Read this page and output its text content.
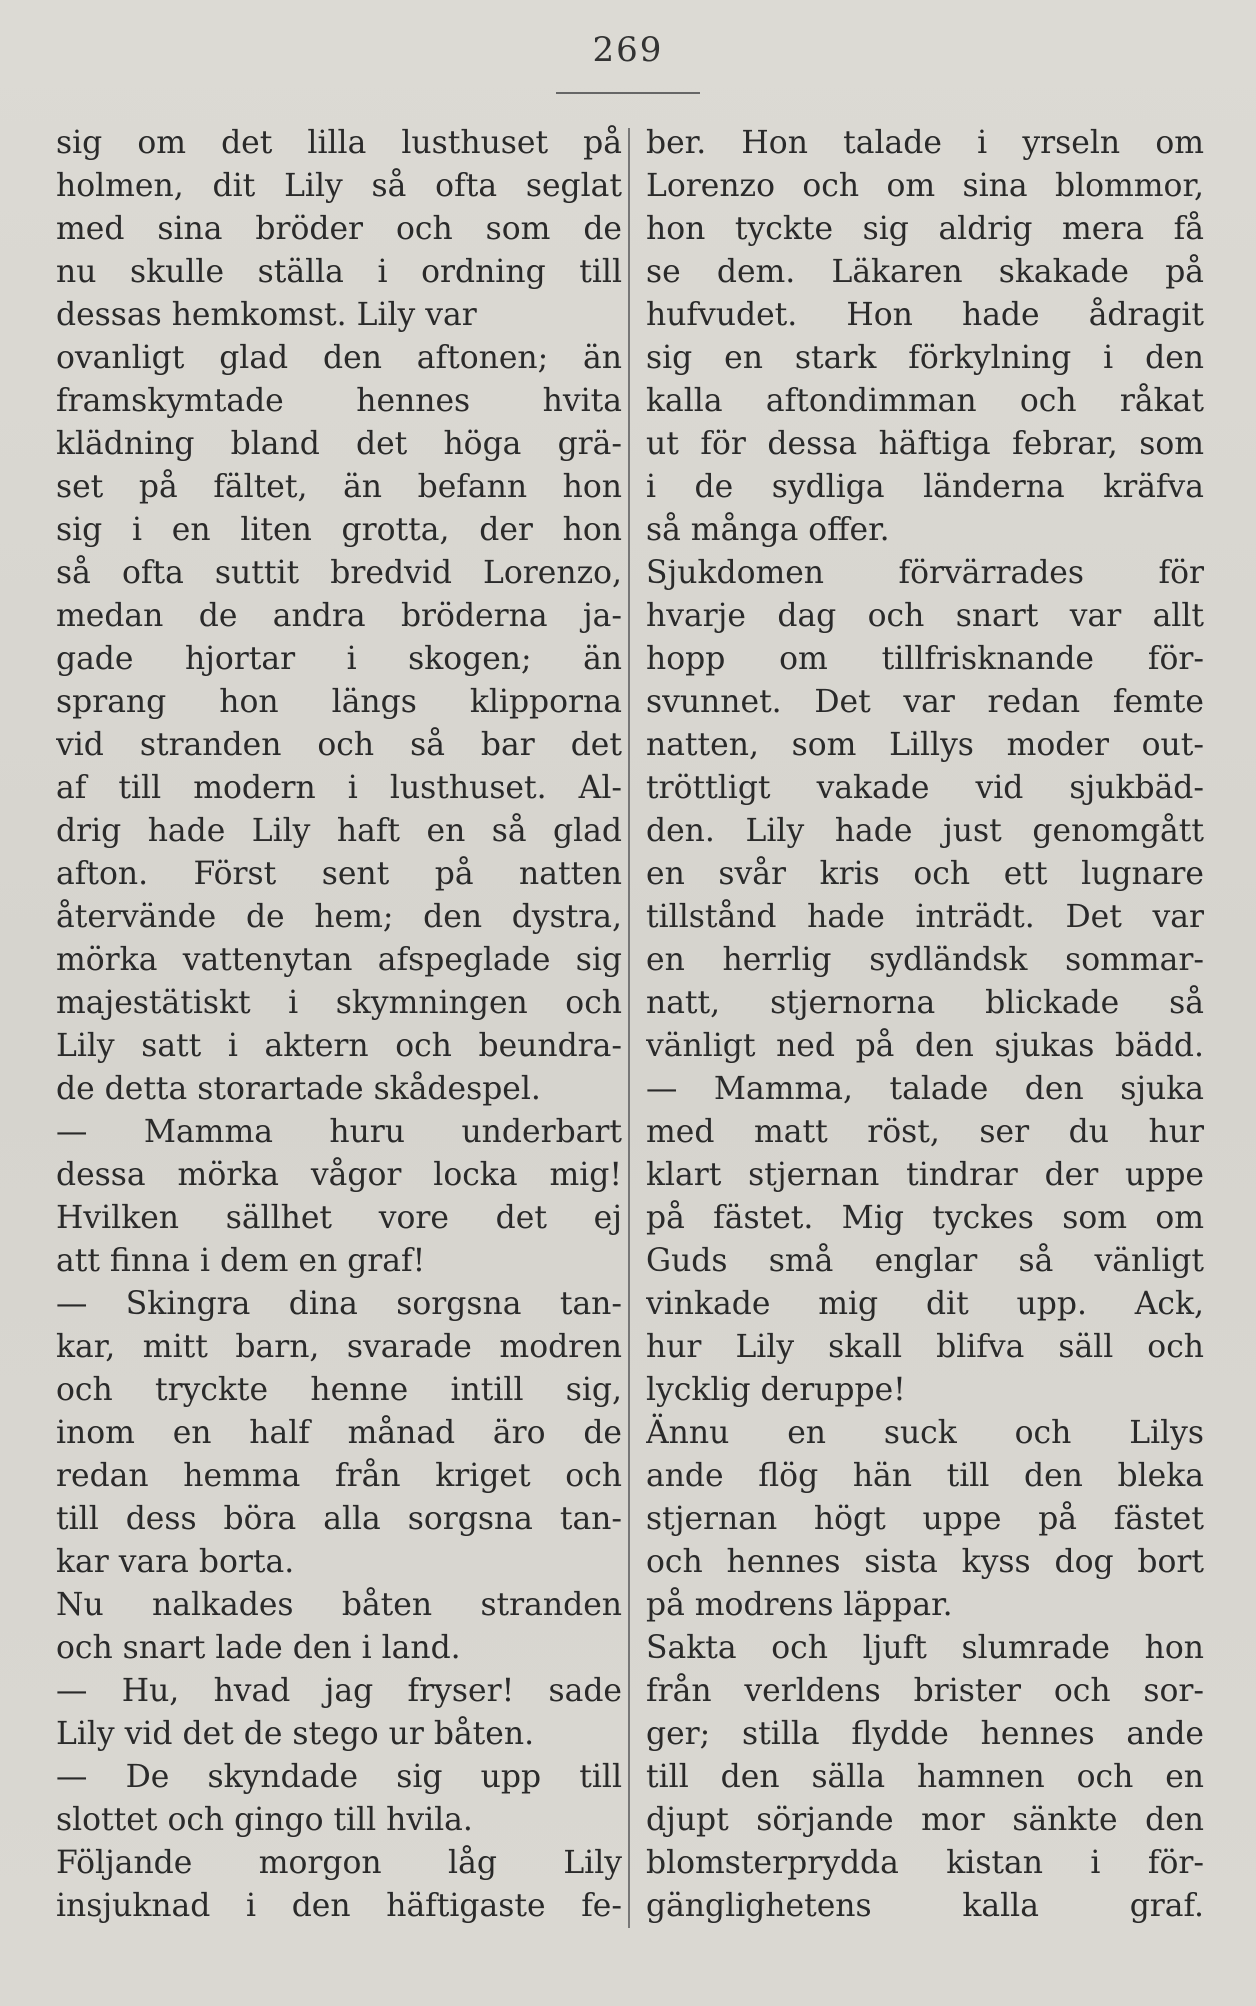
269
sig om det lilla lusthuset på
holmen, dit Lily så ofta seglat
med sina bröder och som de
nu skulle ställa i ordning till
dessas hemkomst. Lily var
ovanligt glad den aftonen; än
framskymtade hennes hvita
klädning bland det höga grä-
set på fältet, än befann hon
sig i en liten grotta, der hon
så ofta suttit bredvid Lorenzo,
medan de andra bröderna ja-
gade hjortar i skogen; än
sprang hon längs klipporna
vid stranden och så bar det
af till modern i lusthuset. Al-
drig hade Lily haft en så glad
afton. Först sent på natten
återvände de hem; den dystra,
mörka vattenytan afspeglade sig
majestätiskt i skymningen och
Lily satt i aktern och beundra-
de detta storartade skådespel.
— Mamma huru underbart
dessa mörka vågor locka mig!
Hvilken sällhet vore det ej
att finna i dem en graf!
— Skingra dina sorgsna tan-
kar, mitt barn, svarade modren
och tryckte henne intill sig,
inom en half månad äro de
redan hemma från kriget och
till dess böra alla sorgsna tan-
kar vara borta.
Nu nalkades båten stranden
och snart lade den i land.
— Hu, hvad jag fryser! sade
Lily vid det de stego ur båten.
— De skyndade sig upp till
slottet och gingo till hvila.
Följande morgon låg Lily
insjuknad i den häftigaste fe-
ber. Hon talade i yrseln om
Lorenzo och om sina blommor,
hon tyckte sig aldrig mera få
se dem. Läkaren skakade på
hufvudet. Hon hade ådragit
sig en stark förkylning i den
kalla aftondimman och råkat
ut för dessa häftiga febrar, som
i de sydliga länderna kräfva
så många offer.
Sjukdomen förvärrades för
hvarje dag och snart var allt
hopp om tillfrisknande för-
svunnet. Det var redan femte
natten, som Lillys moder out-
tröttligt vakade vid sjukbäd-
den. Lily hade just genomgått
en svår kris och ett lugnare
tillstånd hade inträdt. Det var
en herrlig sydländsk sommar-
natt, stjernorna blickade så
vänligt ned på den sjukas bädd.
— Mamma, talade den sjuka
med matt röst, ser du hur
klart stjernan tindrar der uppe
på fästet. Mig tyckes som om
Guds små englar så vänligt
vinkade mig dit upp. Ack,
hur Lily skall blifva säll och
lycklig deruppe!
Ännu en suck och Lilys
ande flög hän till den bleka
stjernan högt uppe på fästet
och hennes sista kyss dog bort
på modrens läppar.
Sakta och ljuft slumrade hon
från verldens brister och sor-
ger; stilla flydde hennes ande
till den sälla hamnen och en
djupt sörjande mor sänkte den
blomsterprydda kistan i för-
gänglighetens kalla graf.
